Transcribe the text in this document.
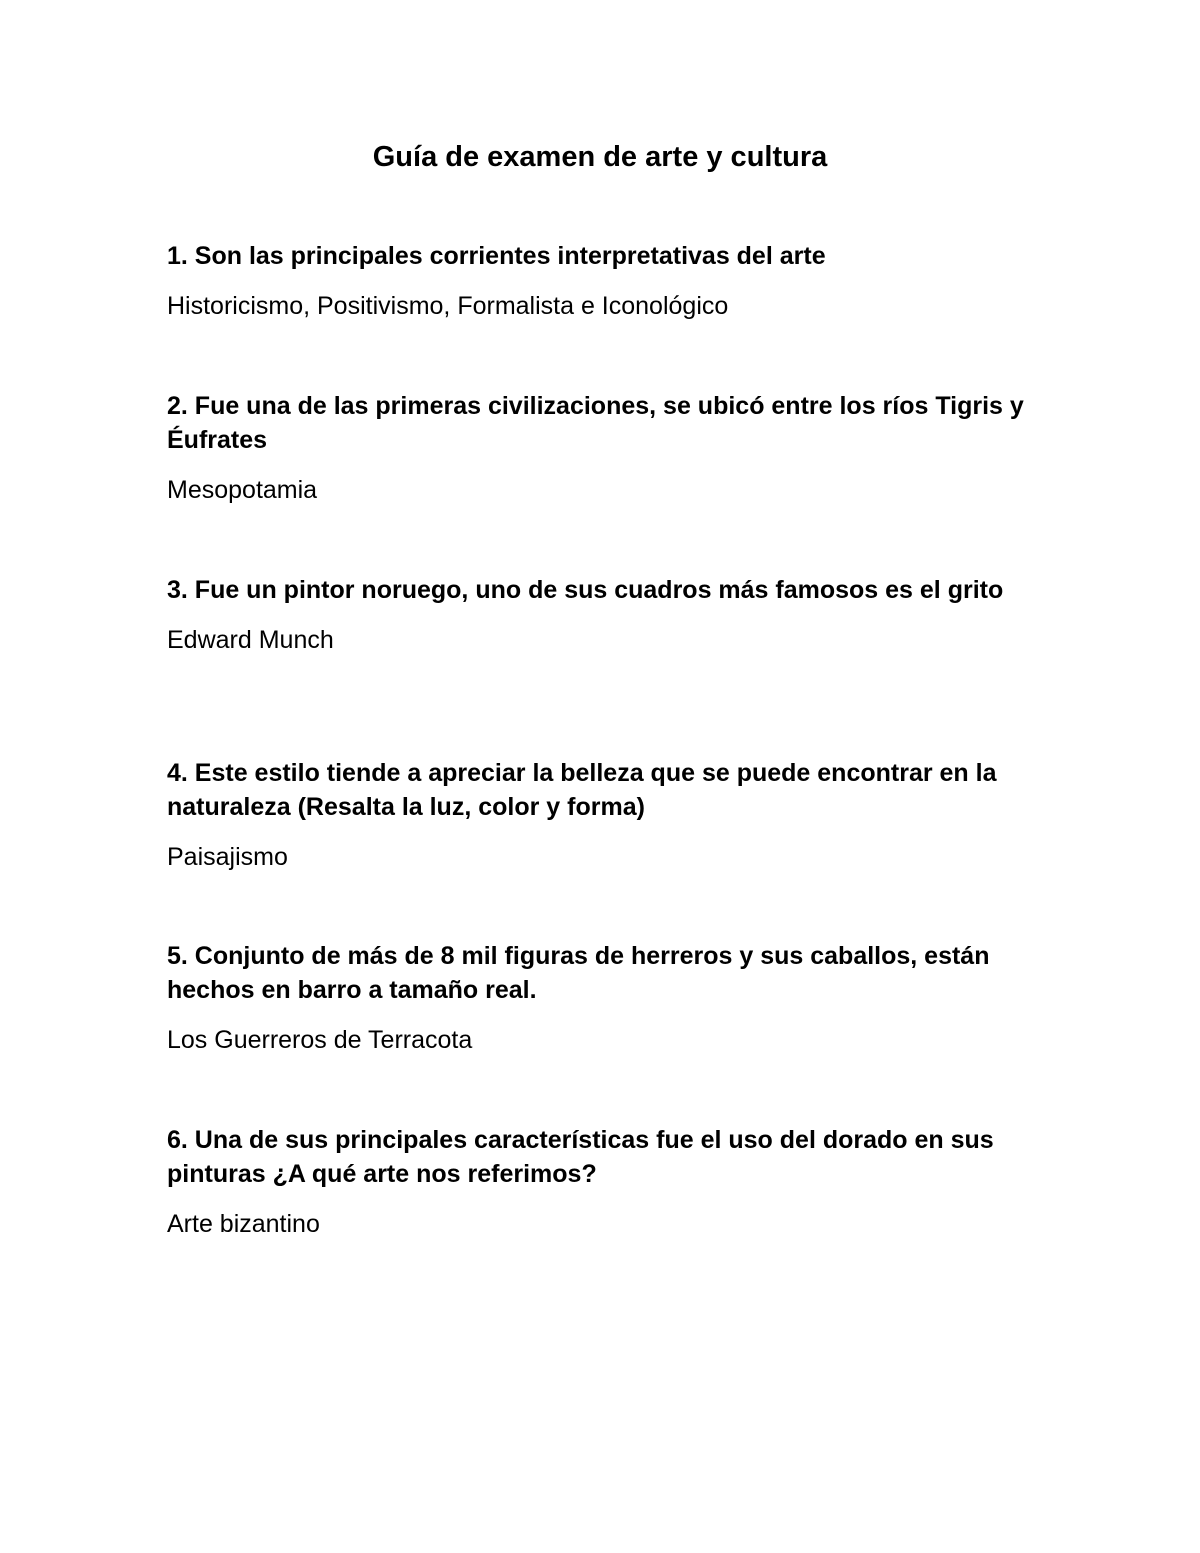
Guía de examen de arte y cultura

1. Son las principales corrientes interpretativas del arte

Historicismo, Positivismo, Formalista e Iconológico

2. Fue una de las primeras civilizaciones, se ubicó entre los ríos Tigris y Éufrates

Mesopotamia

3. Fue un pintor noruego, uno de sus cuadros más famosos es el grito

Edward Munch

4. Este estilo tiende a apreciar la belleza que se puede encontrar en la naturaleza (Resalta la luz, color y forma)

Paisajismo

5. Conjunto de más de 8 mil figuras de herreros y sus caballos, están hechos en barro a tamaño real.

Los Guerreros de Terracota

6. Una de sus principales características fue el uso del dorado en sus pinturas ¿A qué arte nos referimos?

Arte bizantino
